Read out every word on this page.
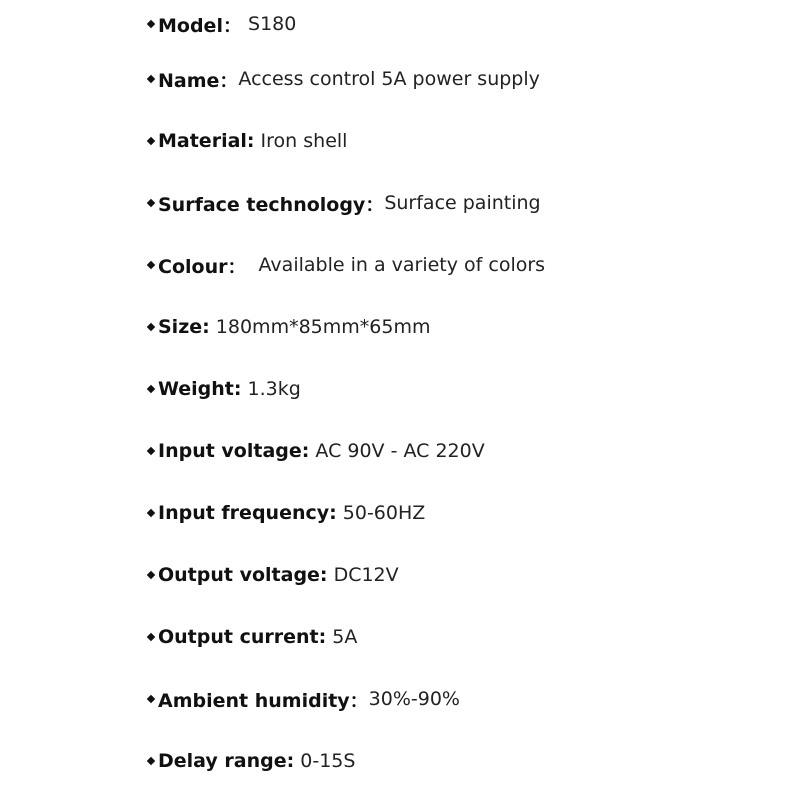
Model： S180
Name： Access control 5A power supply
Material: Iron shell
Surface technology： Surface painting
Colour： Available in a variety of colors
Size: 180mm*85mm*65mm
Weight: 1.3kg
Input voltage: AC 90V - AC 220V
Input frequency: 50-60HZ
Output voltage: DC12V
Output current: 5A
Ambient humidity： 30%-90%
Delay range: 0-15S
